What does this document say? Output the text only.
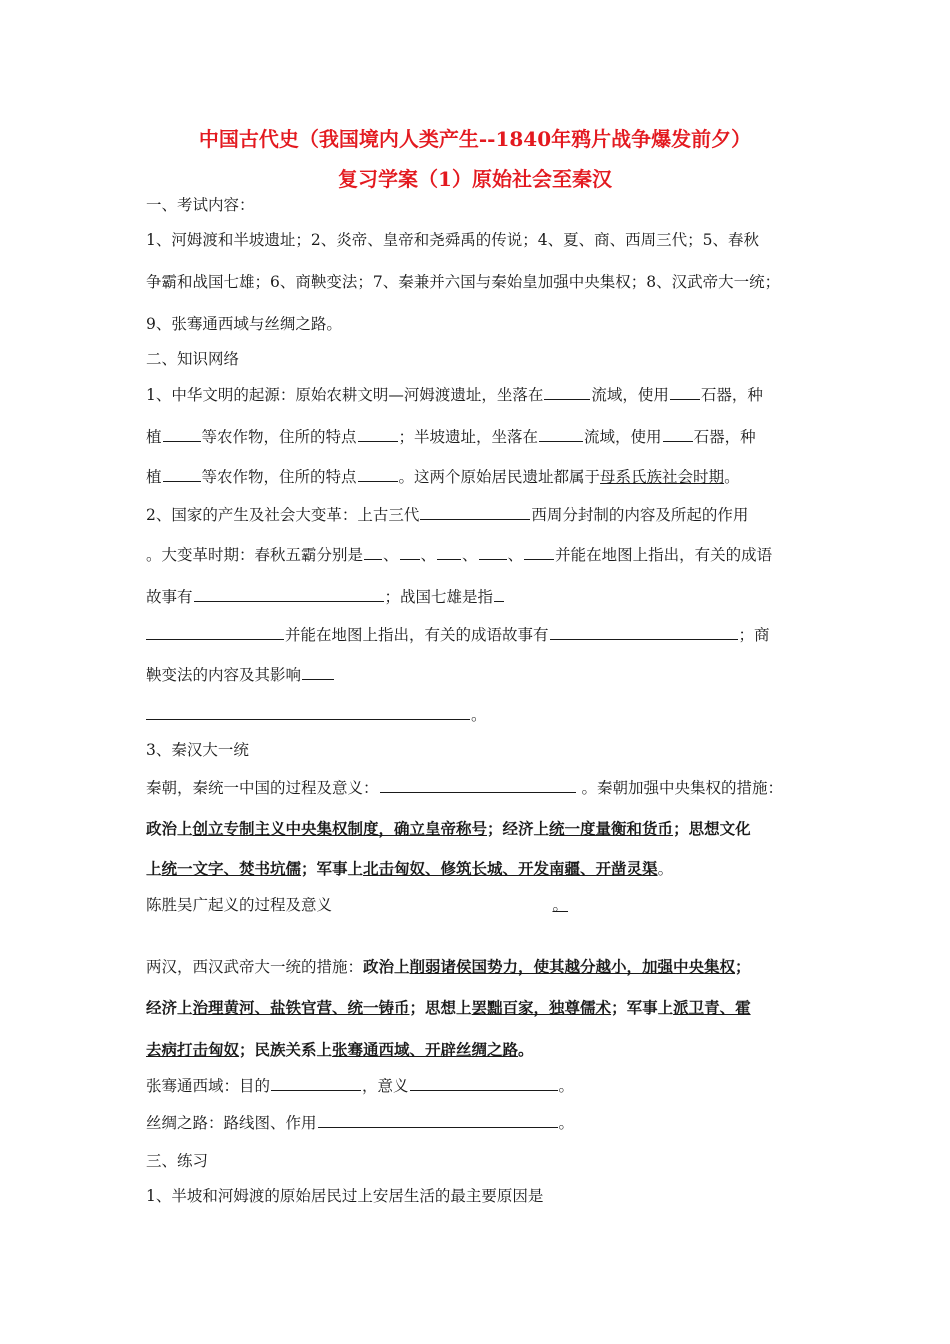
中国古代史（我国境内人类产生--1840年鸦片战争爆发前夕）
复习学案（1）原始社会至秦汉
一、考试内容：
1、河姆渡和半坡遗址；2、炎帝、皇帝和尧舜禹的传说；4、夏、商、西周三代；5、春秋
争霸和战国七雄；6、商鞅变法；7、秦兼并六国与秦始皇加强中央集权；8、汉武帝大一统；
9、张骞通西域与丝绸之路。
二、知识网络
1、中华文明的起源：原始农耕文明—河姆渡遗址，坐落在	流域，使用 石器，种
植	等农作物，住所的特点	；半坡遗址，坐落在	流域，使用 石器，种
植	等农作物，住所的特点	。这两个原始居民遗址都属于母系氏族社会时期。
2、国家的产生及社会大变革：上古三代	西周分封制的内容及所起的作用
。大变革时期：春秋五霸分别是 、 、 、 、 并能在地图上指出，有关的成语
故事有	；战国七雄是指
并能在地图上指出，有关的成语故事有	；商
鞅变法的内容及其影响
。
3、秦汉大一统
秦朝，秦统一中国的过程及意义：	。秦朝加强中央集权的措施：
政治上创立专制主义中央集权制度，确立皇帝称号；经济上统一度量衡和货币；思想文化
上统一文字、焚书坑儒；军事上北击匈奴、修筑长城、开发南疆、开凿灵渠。
陈胜吴广起义的过程及意义	。
两汉，西汉武帝大一统的措施：政治上削弱诸侯国势力，使其越分越小，加强中央集权；
经济上治理黄河、盐铁官营、统一铸币；思想上罢黜百家，独尊儒术；军事上派卫青、霍
去病打击匈奴；民族关系上张骞通西域、开辟丝绸之路。
张骞通西域：目的	，意义	。
丝绸之路：路线图、作用	。
三、练习
1、半坡和河姆渡的原始居民过上安居生活的最主要原因是
